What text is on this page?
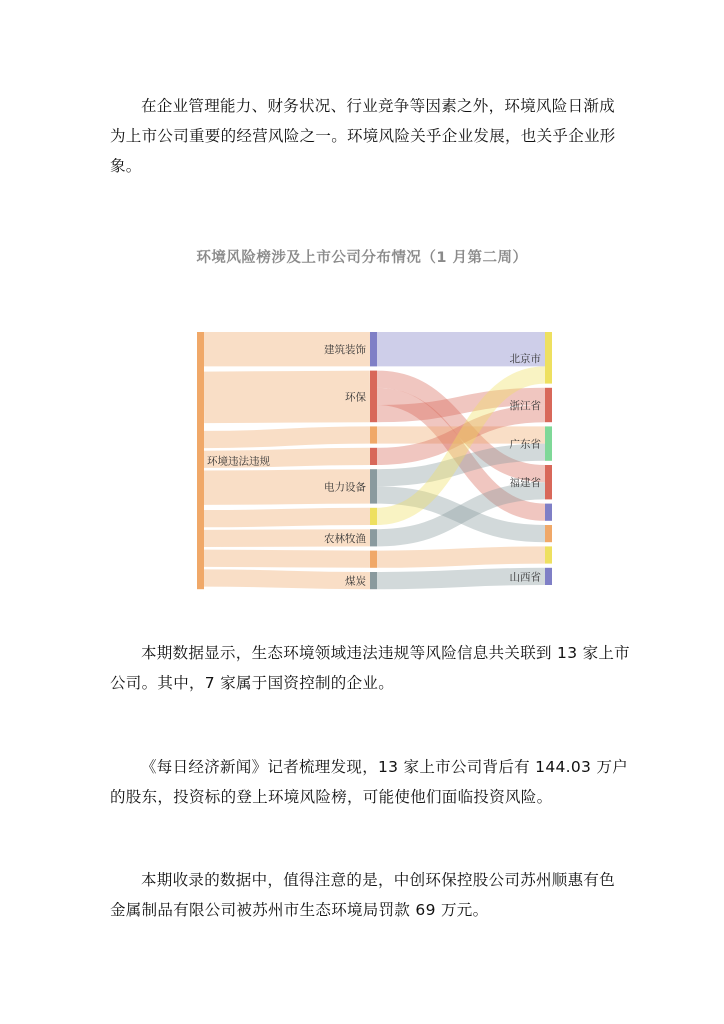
在企业管理能力、财务状况、行业竞争等因素之外，环境风险日渐成为上市公司重要的经营风险之一。环境风险关乎企业发展，也关乎企业形象。

环境风险榜涉及上市公司分布情况（1 月第二周）
环境违法违规
建筑装饰
环保
电力设备
农林牧渔
煤炭
北京市
浙江省
广东省
福建省
山西省

本期数据显示，生态环境领域违法违规等风险信息共关联到 13 家上市公司。其中，7 家属于国资控制的企业。

《每日经济新闻》记者梳理发现，13 家上市公司背后有 144.03 万户的股东，投资标的登上环境风险榜，可能使他们面临投资风险。

本期收录的数据中，值得注意的是，中创环保控股公司苏州顺惠有色金属制品有限公司被苏州市生态环境局罚款 69 万元。
